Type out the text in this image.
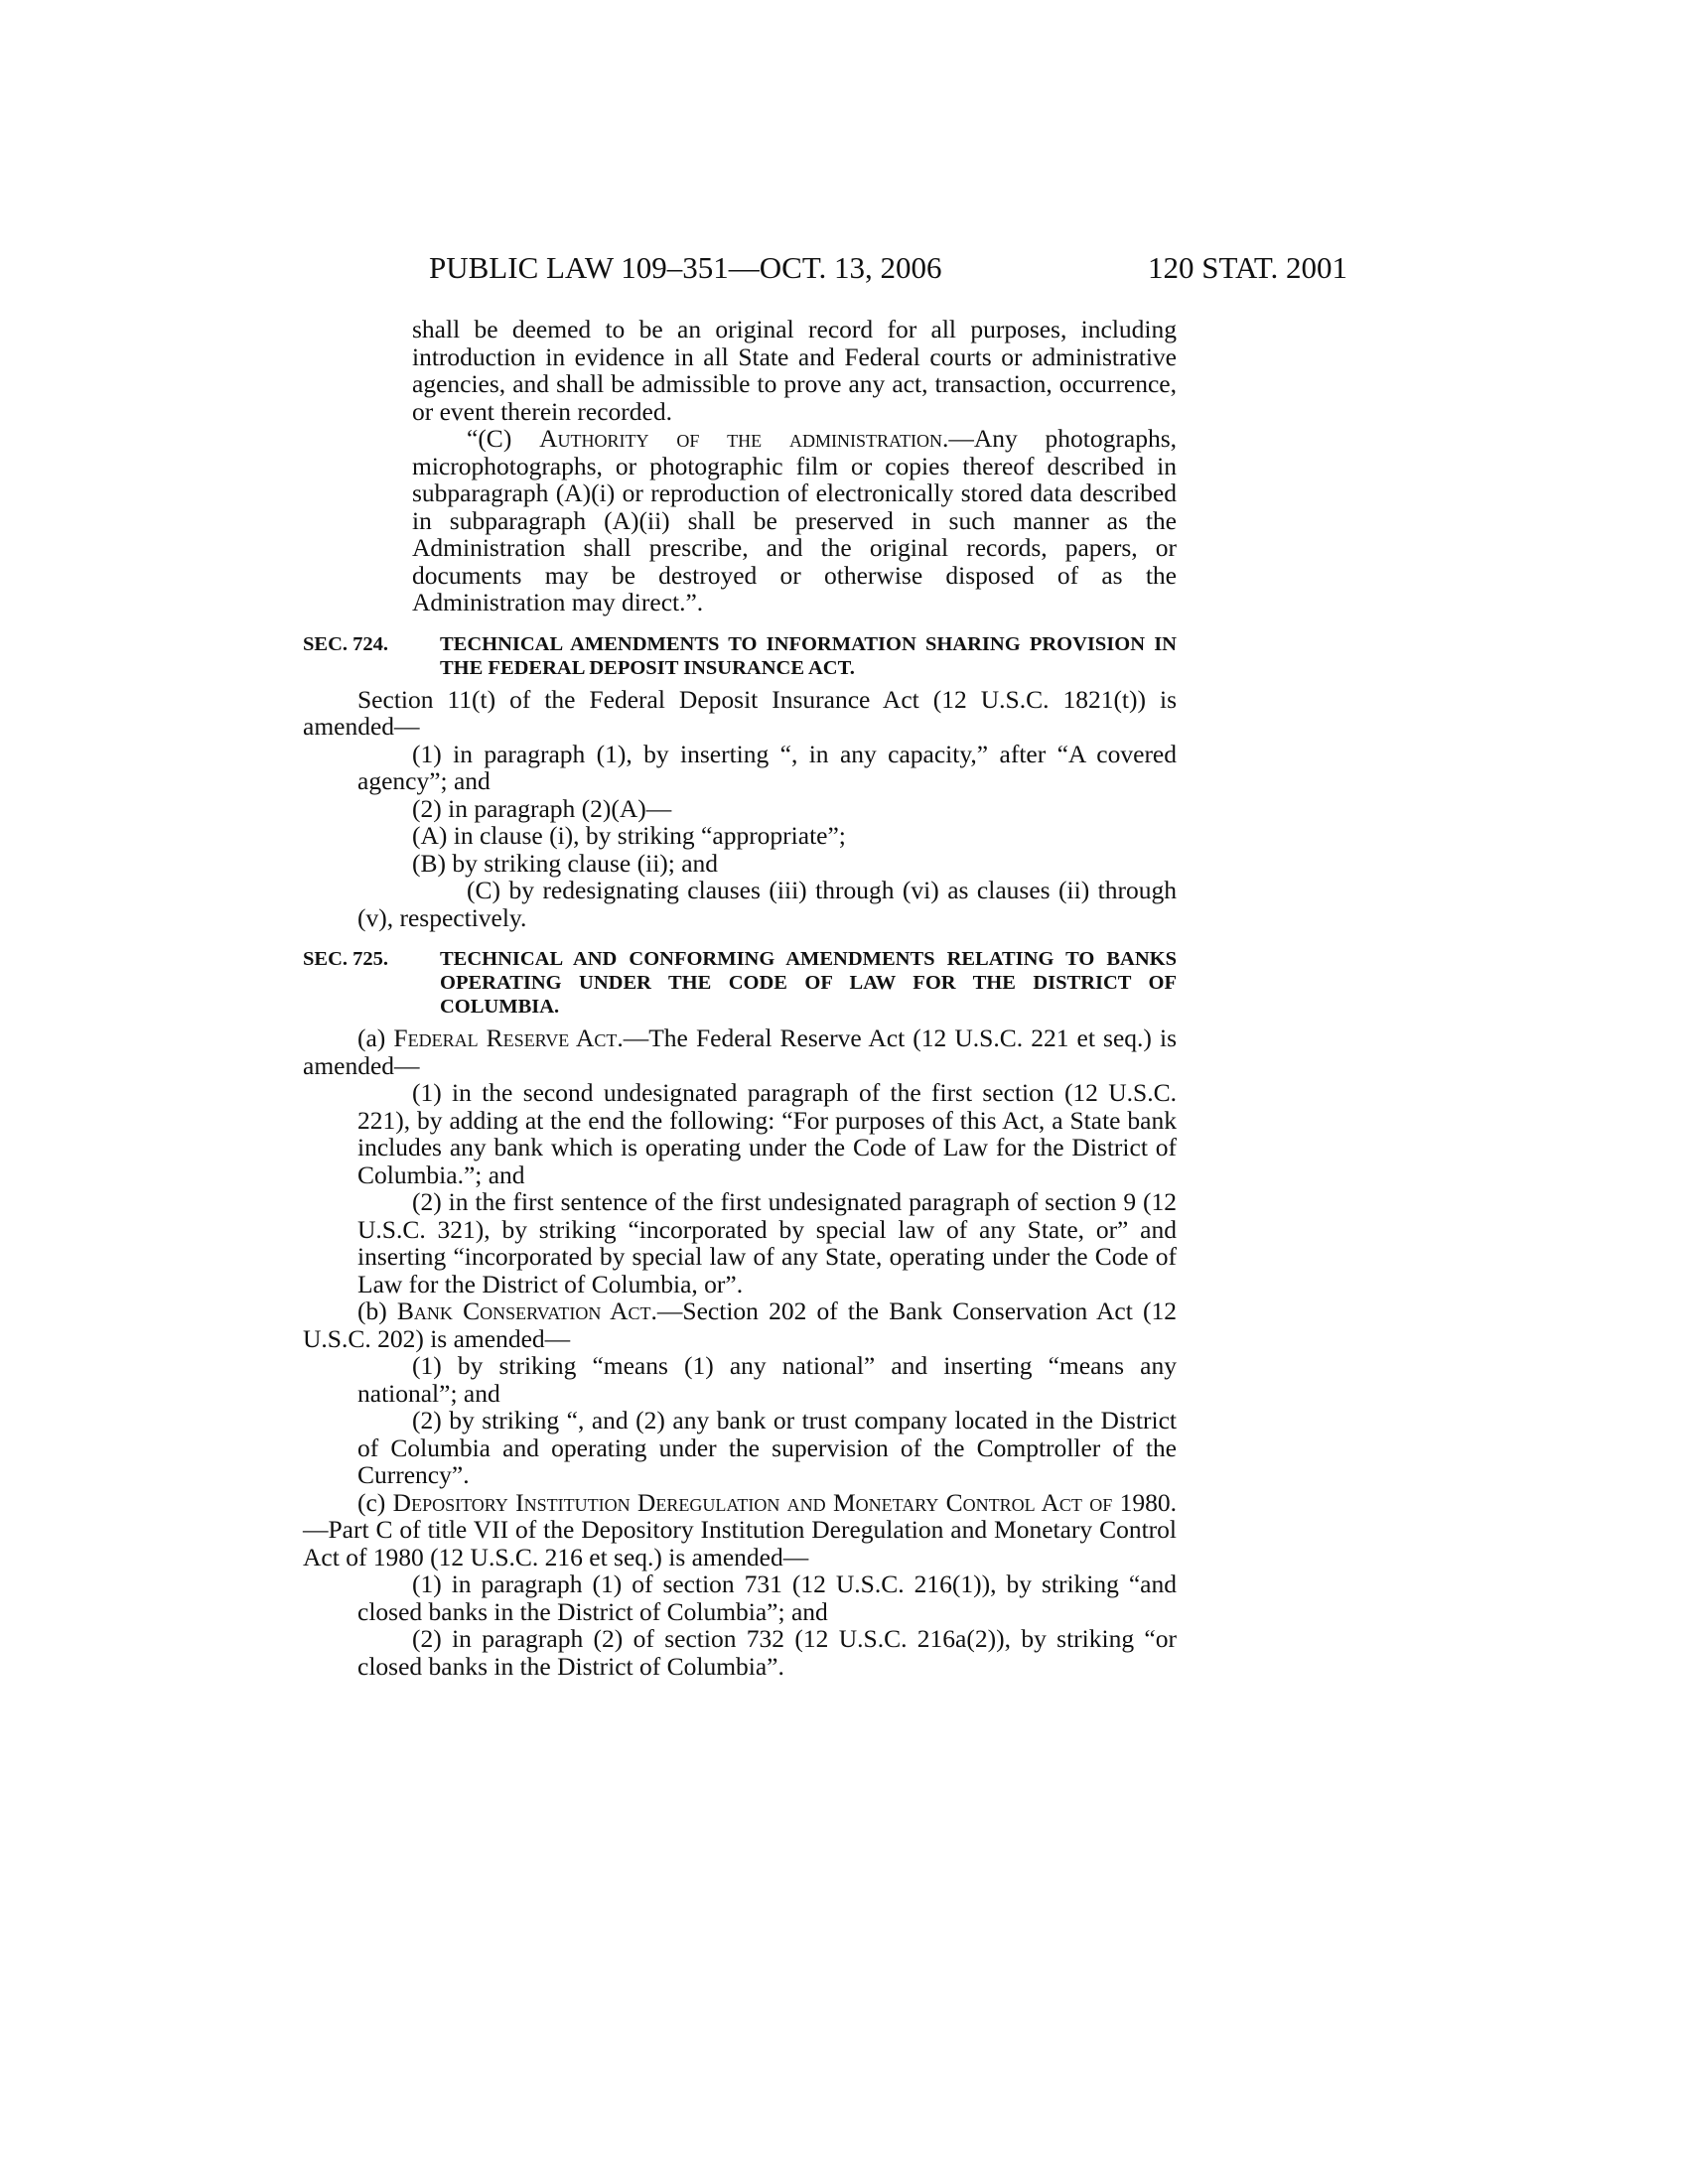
PUBLIC LAW 109–351—OCT. 13, 2006	120 STAT. 2001

shall be deemed to be an original record for all purposes, including introduction in evidence in all State and Federal courts or administrative agencies, and shall be admissible to prove any act, transaction, occurrence, or event therein recorded.

“(C) Authority of the administration.—Any photographs, microphotographs, or photographic film or copies thereof described in subparagraph (A)(i) or reproduction of electronically stored data described in subparagraph (A)(ii) shall be preserved in such manner as the Administration shall prescribe, and the original records, papers, or documents may be destroyed or otherwise disposed of as the Administration may direct.”.

SEC. 724.	TECHNICAL AMENDMENTS TO INFORMATION SHARING PROVISION IN THE FEDERAL DEPOSIT INSURANCE ACT.

Section 11(t) of the Federal Deposit Insurance Act (12 U.S.C. 1821(t)) is amended—

(1) in paragraph (1), by inserting “, in any capacity,” after “A covered agency”; and

(2) in paragraph (2)(A)—

(A) in clause (i), by striking “appropriate”;

(B) by striking clause (ii); and

(C) by redesignating clauses (iii) through (vi) as clauses (ii) through (v), respectively.

SEC. 725.	TECHNICAL AND CONFORMING AMENDMENTS RELATING TO BANKS OPERATING UNDER THE CODE OF LAW FOR THE DISTRICT OF COLUMBIA.

(a) Federal Reserve Act.—The Federal Reserve Act (12 U.S.C. 221 et seq.) is amended—

(1) in the second undesignated paragraph of the first section (12 U.S.C. 221), by adding at the end the following: “For purposes of this Act, a State bank includes any bank which is operating under the Code of Law for the District of Columbia.”; and

(2) in the first sentence of the first undesignated paragraph of section 9 (12 U.S.C. 321), by striking “incorporated by special law of any State, or” and inserting “incorporated by special law of any State, operating under the Code of Law for the District of Columbia, or”.

(b) Bank Conservation Act.—Section 202 of the Bank Conservation Act (12 U.S.C. 202) is amended—

(1) by striking “means (1) any national” and inserting “means any national”; and

(2) by striking “, and (2) any bank or trust company located in the District of Columbia and operating under the supervision of the Comptroller of the Currency”.

(c) Depository Institution Deregulation and Monetary Control Act of 1980.—Part C of title VII of the Depository Institution Deregulation and Monetary Control Act of 1980 (12 U.S.C. 216 et seq.) is amended—

(1) in paragraph (1) of section 731 (12 U.S.C. 216(1)), by striking “and closed banks in the District of Columbia”; and

(2) in paragraph (2) of section 732 (12 U.S.C. 216a(2)), by striking “or closed banks in the District of Columbia”.
